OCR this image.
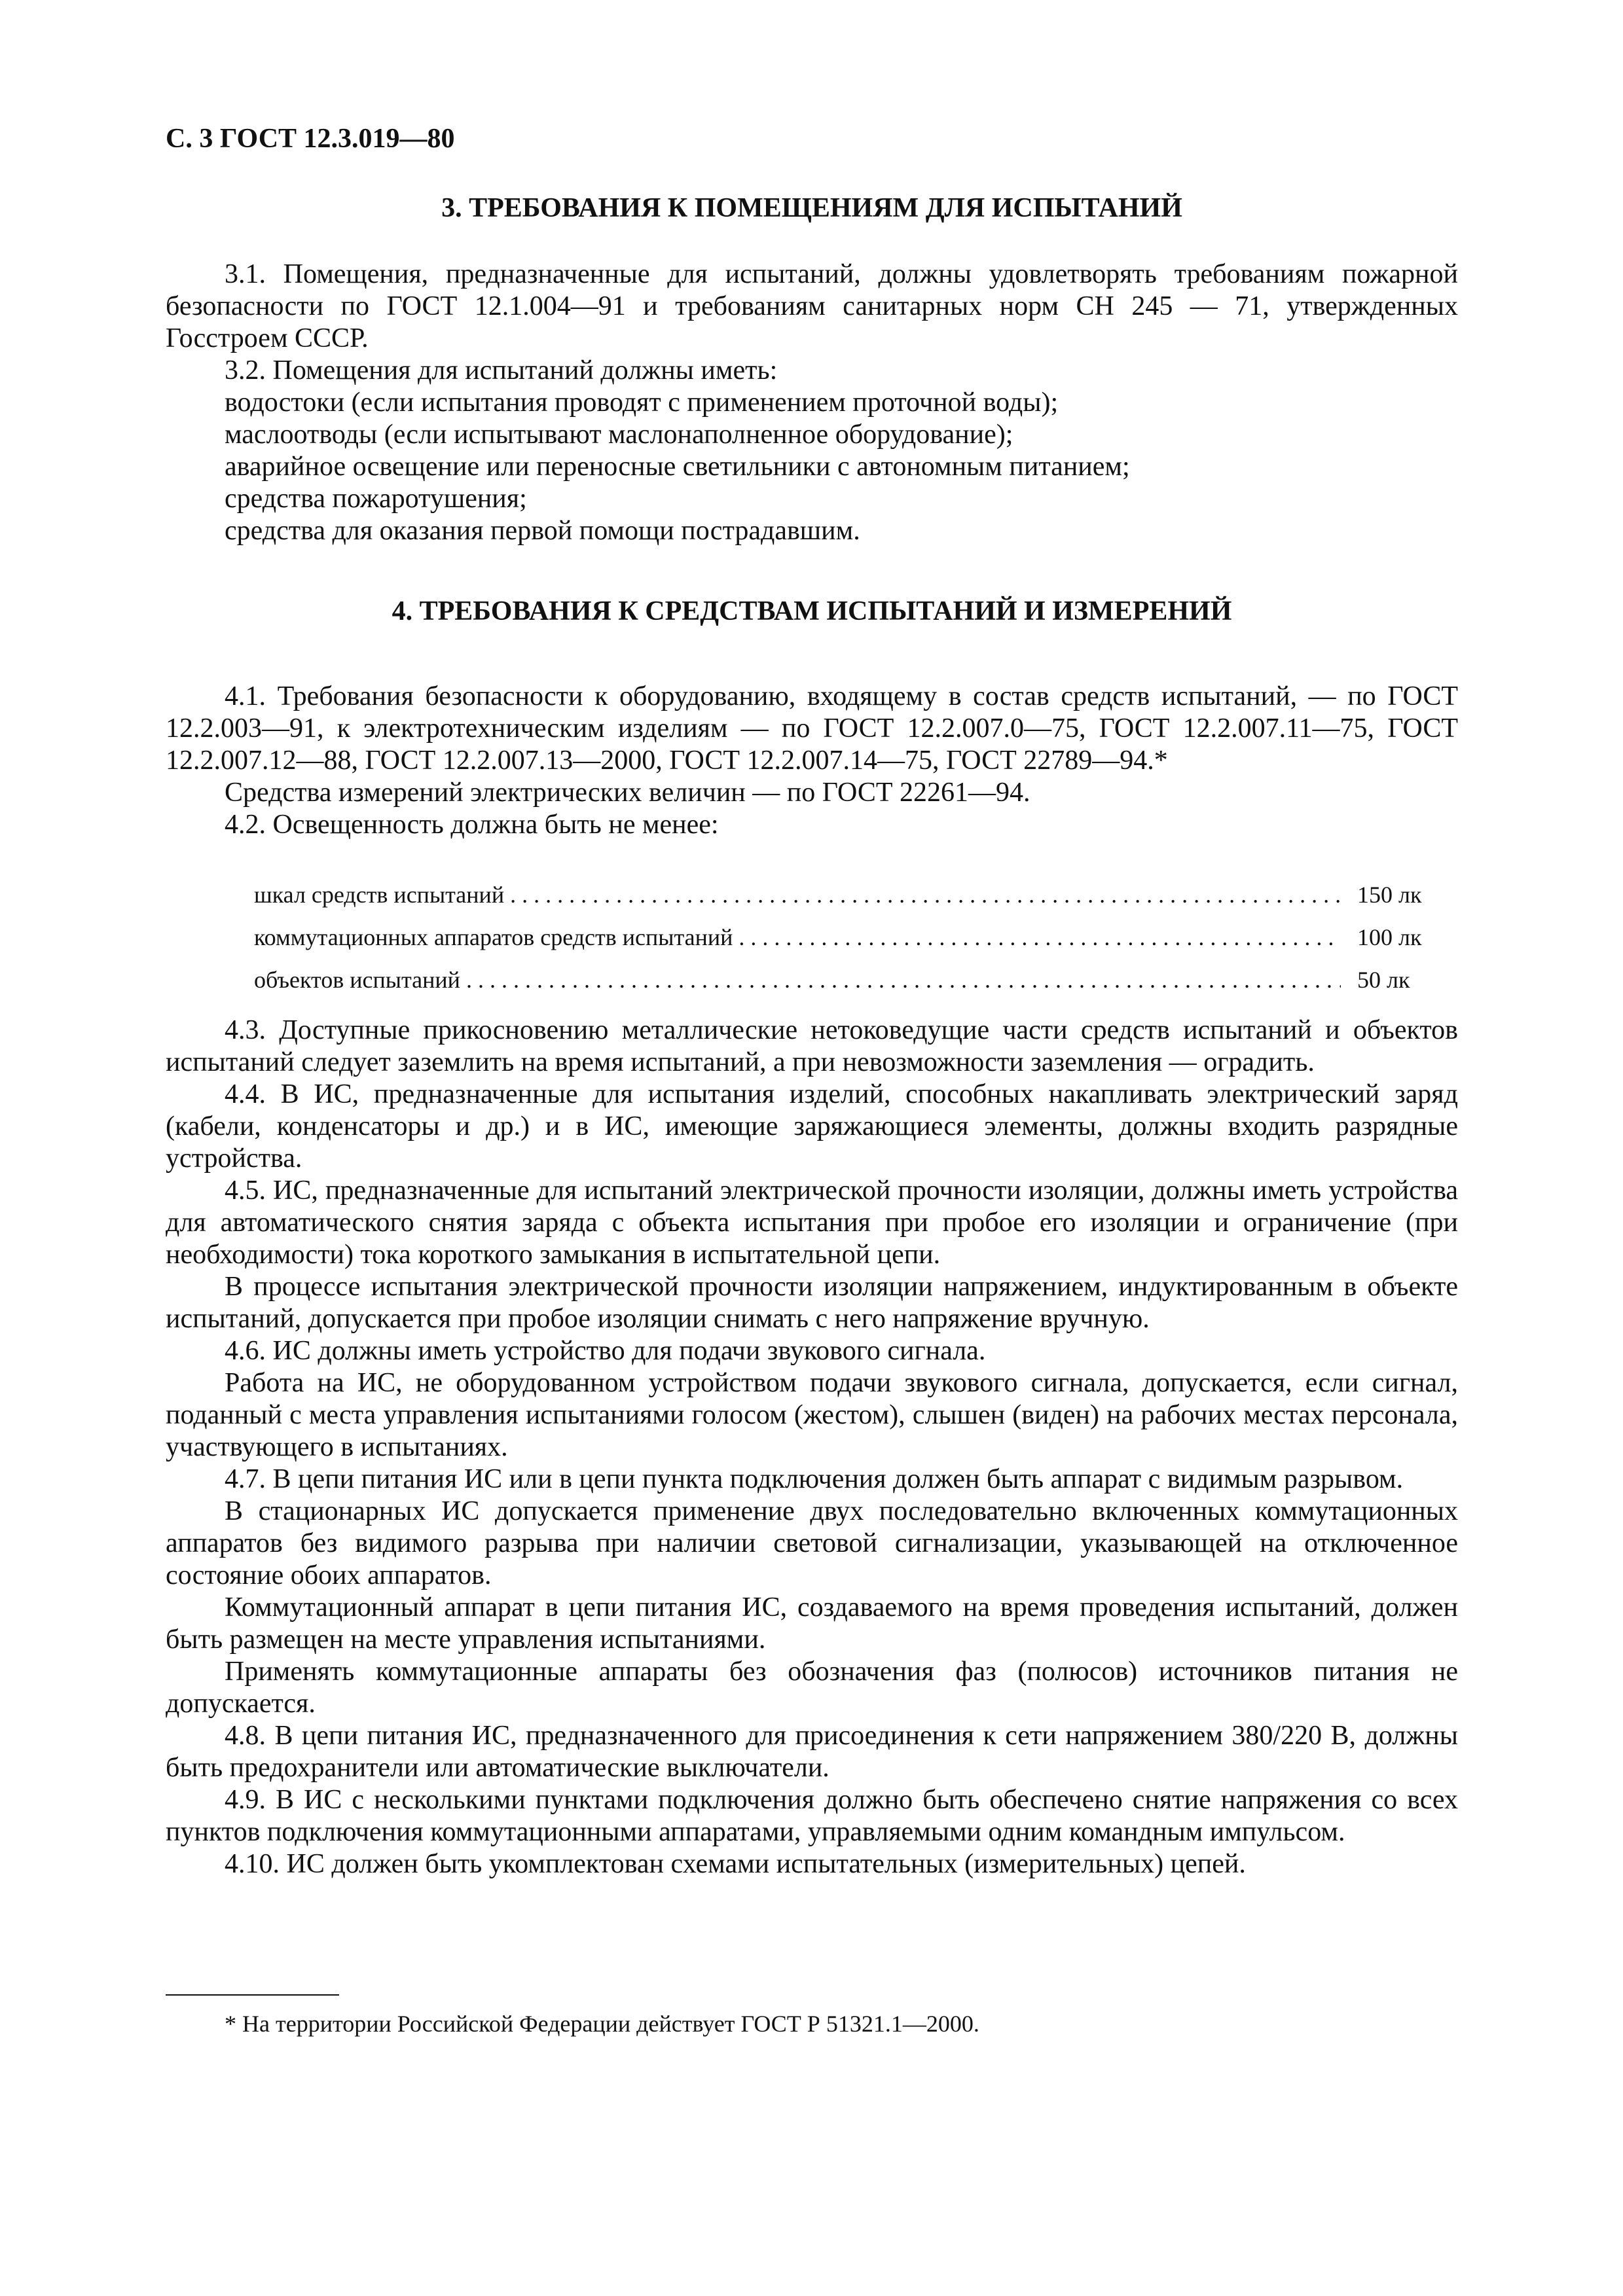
С. 3 ГОСТ 12.3.019—80
3. ТРЕБОВАНИЯ К ПОМЕЩЕНИЯМ ДЛЯ ИСПЫТАНИЙ

3.1. Помещения, предназначенные для испытаний, должны удовлетворять требованиям пожарной безопасности по ГОСТ 12.1.004—91 и требованиям санитарных норм СН 245 — 71, утвержденных Госстроем СССР.

3.2. Помещения для испытаний должны иметь:

водостоки (если испытания проводят с применением проточной воды);

маслоотводы (если испытывают маслонаполненное оборудование);

аварийное освещение или переносные светильники с автономным питанием;

средства пожаротушения;

средства для оказания первой помощи пострадавшим.

4. ТРЕБОВАНИЯ К СРЕДСТВАМ ИСПЫТАНИЙ И ИЗМЕРЕНИЙ

4.1. Требования безопасности к оборудованию, входящему в состав средств испытаний, — по ГОСТ 12.2.003—91, к электротехническим изделиям — по ГОСТ 12.2.007.0—75, ГОСТ 12.2.007.11—75, ГОСТ 12.2.007.12—88, ГОСТ 12.2.007.13—2000, ГОСТ 12.2.007.14—75, ГОСТ 22789—94.*

Средства измерений электрических величин — по ГОСТ 22261—94.

4.2. Освещенность должна быть не менее:

шкал средств испытаний . . .	150 лк
коммутационных аппаратов средств испытаний . . .	100 лк
объектов испытаний . . .	50 лк

4.3. Доступные прикосновению металлические нетоковедущие части средств испытаний и объектов испытаний следует заземлить на время испытаний, а при невозможности заземления — оградить.

4.4. В ИС, предназначенные для испытания изделий, способных накапливать электрический заряд (кабели, конденсаторы и др.) и в ИС, имеющие заряжающиеся элементы, должны входить разрядные устройства.

4.5. ИС, предназначенные для испытаний электрической прочности изоляции, должны иметь устройства для автоматического снятия заряда с объекта испытания при пробое его изоляции и ограничение (при необходимости) тока короткого замыкания в испытательной цепи.

В процессе испытания электрической прочности изоляции напряжением, индуктированным в объекте испытаний, допускается при пробое изоляции снимать с него напряжение вручную.

4.6. ИС должны иметь устройство для подачи звукового сигнала.

Работа на ИС, не оборудованном устройством подачи звукового сигнала, допускается, если сигнал, поданный с места управления испытаниями голосом (жестом), слышен (виден) на рабочих местах персонала, участвующего в испытаниях.

4.7. В цепи питания ИС или в цепи пункта подключения должен быть аппарат с видимым разрывом.

В стационарных ИС допускается применение двух последовательно включенных коммутационных аппаратов без видимого разрыва при наличии световой сигнализации, указывающей на отключенное состояние обоих аппаратов.

Коммутационный аппарат в цепи питания ИС, создаваемого на время проведения испытаний, должен быть размещен на месте управления испытаниями.

Применять коммутационные аппараты без обозначения фаз (полюсов) источников питания не допускается.

4.8. В цепи питания ИС, предназначенного для присоединения к сети напряжением 380/220 В, должны быть предохранители или автоматические выключатели.

4.9. В ИС с несколькими пунктами подключения должно быть обеспечено снятие напряжения со всех пунктов подключения коммутационными аппаратами, управляемыми одним командным импульсом.

4.10. ИС должен быть укомплектован схемами испытательных (измерительных) цепей.

* На территории Российской Федерации действует ГОСТ Р 51321.1—2000.
